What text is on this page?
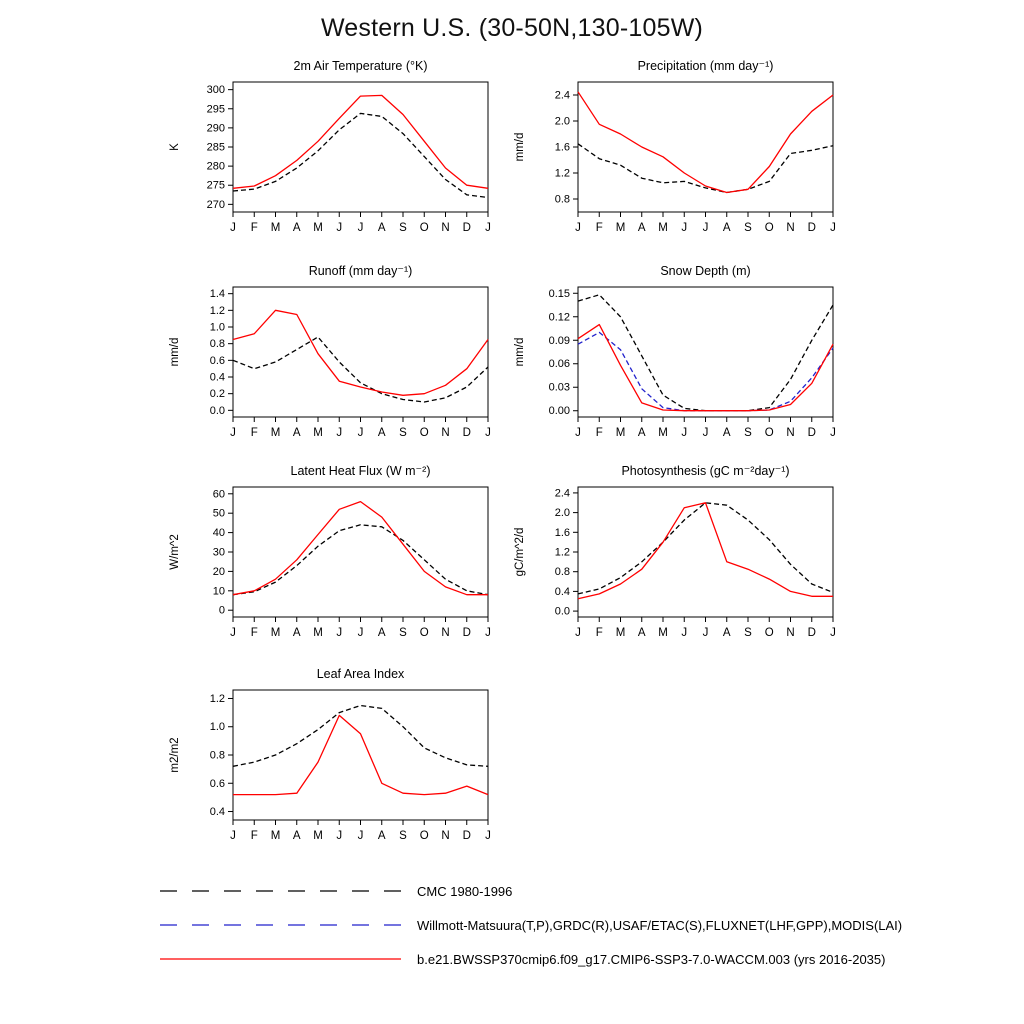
Western U.S. (30-50N,130-105W)
2m Air Temperature (°K)
K
270
275
280
285
290
295
300
J F M A M J J A S O N D J
Precipitation (mm day⁻¹)
mm/d
0.8
1.2
1.6
2.0
2.4
J F M A M J J A S O N D J
Runoff (mm day⁻¹)
mm/d
0.0
0.2
0.4
0.6
0.8
1.0
1.2
1.4
J F M A M J J A S O N D J
Snow Depth (m)
mm/d
0.00
0.03
0.06
0.09
0.12
0.15
J F M A M J J A S O N D J
Latent Heat Flux (W m⁻²)
W/m^2
0
10
20
30
40
50
60
J F M A M J J A S O N D J
Photosynthesis (gC m⁻²day⁻¹)
gC/m^2/d
0.0
0.4
0.8
1.2
1.6
2.0
2.4
J F M A M J J A S O N D J
Leaf Area Index
m2/m2
0.4
0.6
0.8
1.0
1.2
J F M A M J J A S O N D J
CMC 1980-1996
Willmott-Matsuura(T,P),GRDC(R),USAF/ETAC(S),FLUXNET(LHF,GPP),MODIS(LAI)
b.e21.BWSSP370cmip6.f09_g17.CMIP6-SSP3-7.0-WACCM.003 (yrs 2016-2035)
